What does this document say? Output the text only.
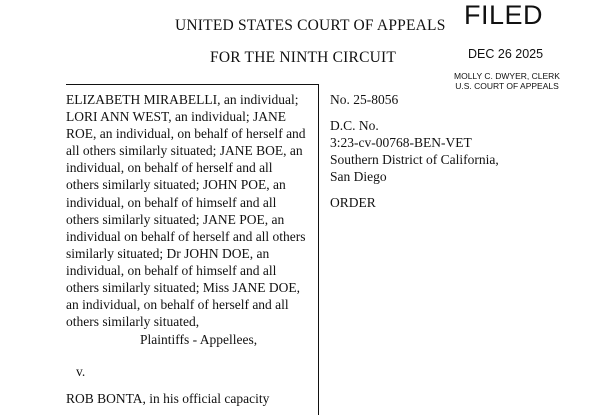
UNITED STATES COURT OF APPEALS
FOR THE NINTH CIRCUIT
FILED
DEC 26 2025
MOLLY C. DWYER, CLERK
U.S. COURT OF APPEALS
ELIZABETH MIRABELLI, an individual;
LORI ANN WEST, an individual; JANE
ROE, an individual, on behalf of herself and
all others similarly situated; JANE BOE, an
individual, on behalf of herself and all
others similarly situated; JOHN POE, an
individual, on behalf of himself and all
others similarly situated; JANE POE, an
individual on behalf of herself and all others
similarly situated; Dr JOHN DOE, an
individual, on behalf of himself and all
others similarly situated; Miss JANE DOE,
an individual, on behalf of herself and all
others similarly situated,
Plaintiffs - Appellees,
v.
ROB BONTA, in his official capacity
No. 25-8056
D.C. No.
3:23-cv-00768-BEN-VET
Southern District of California,
San Diego
ORDER
